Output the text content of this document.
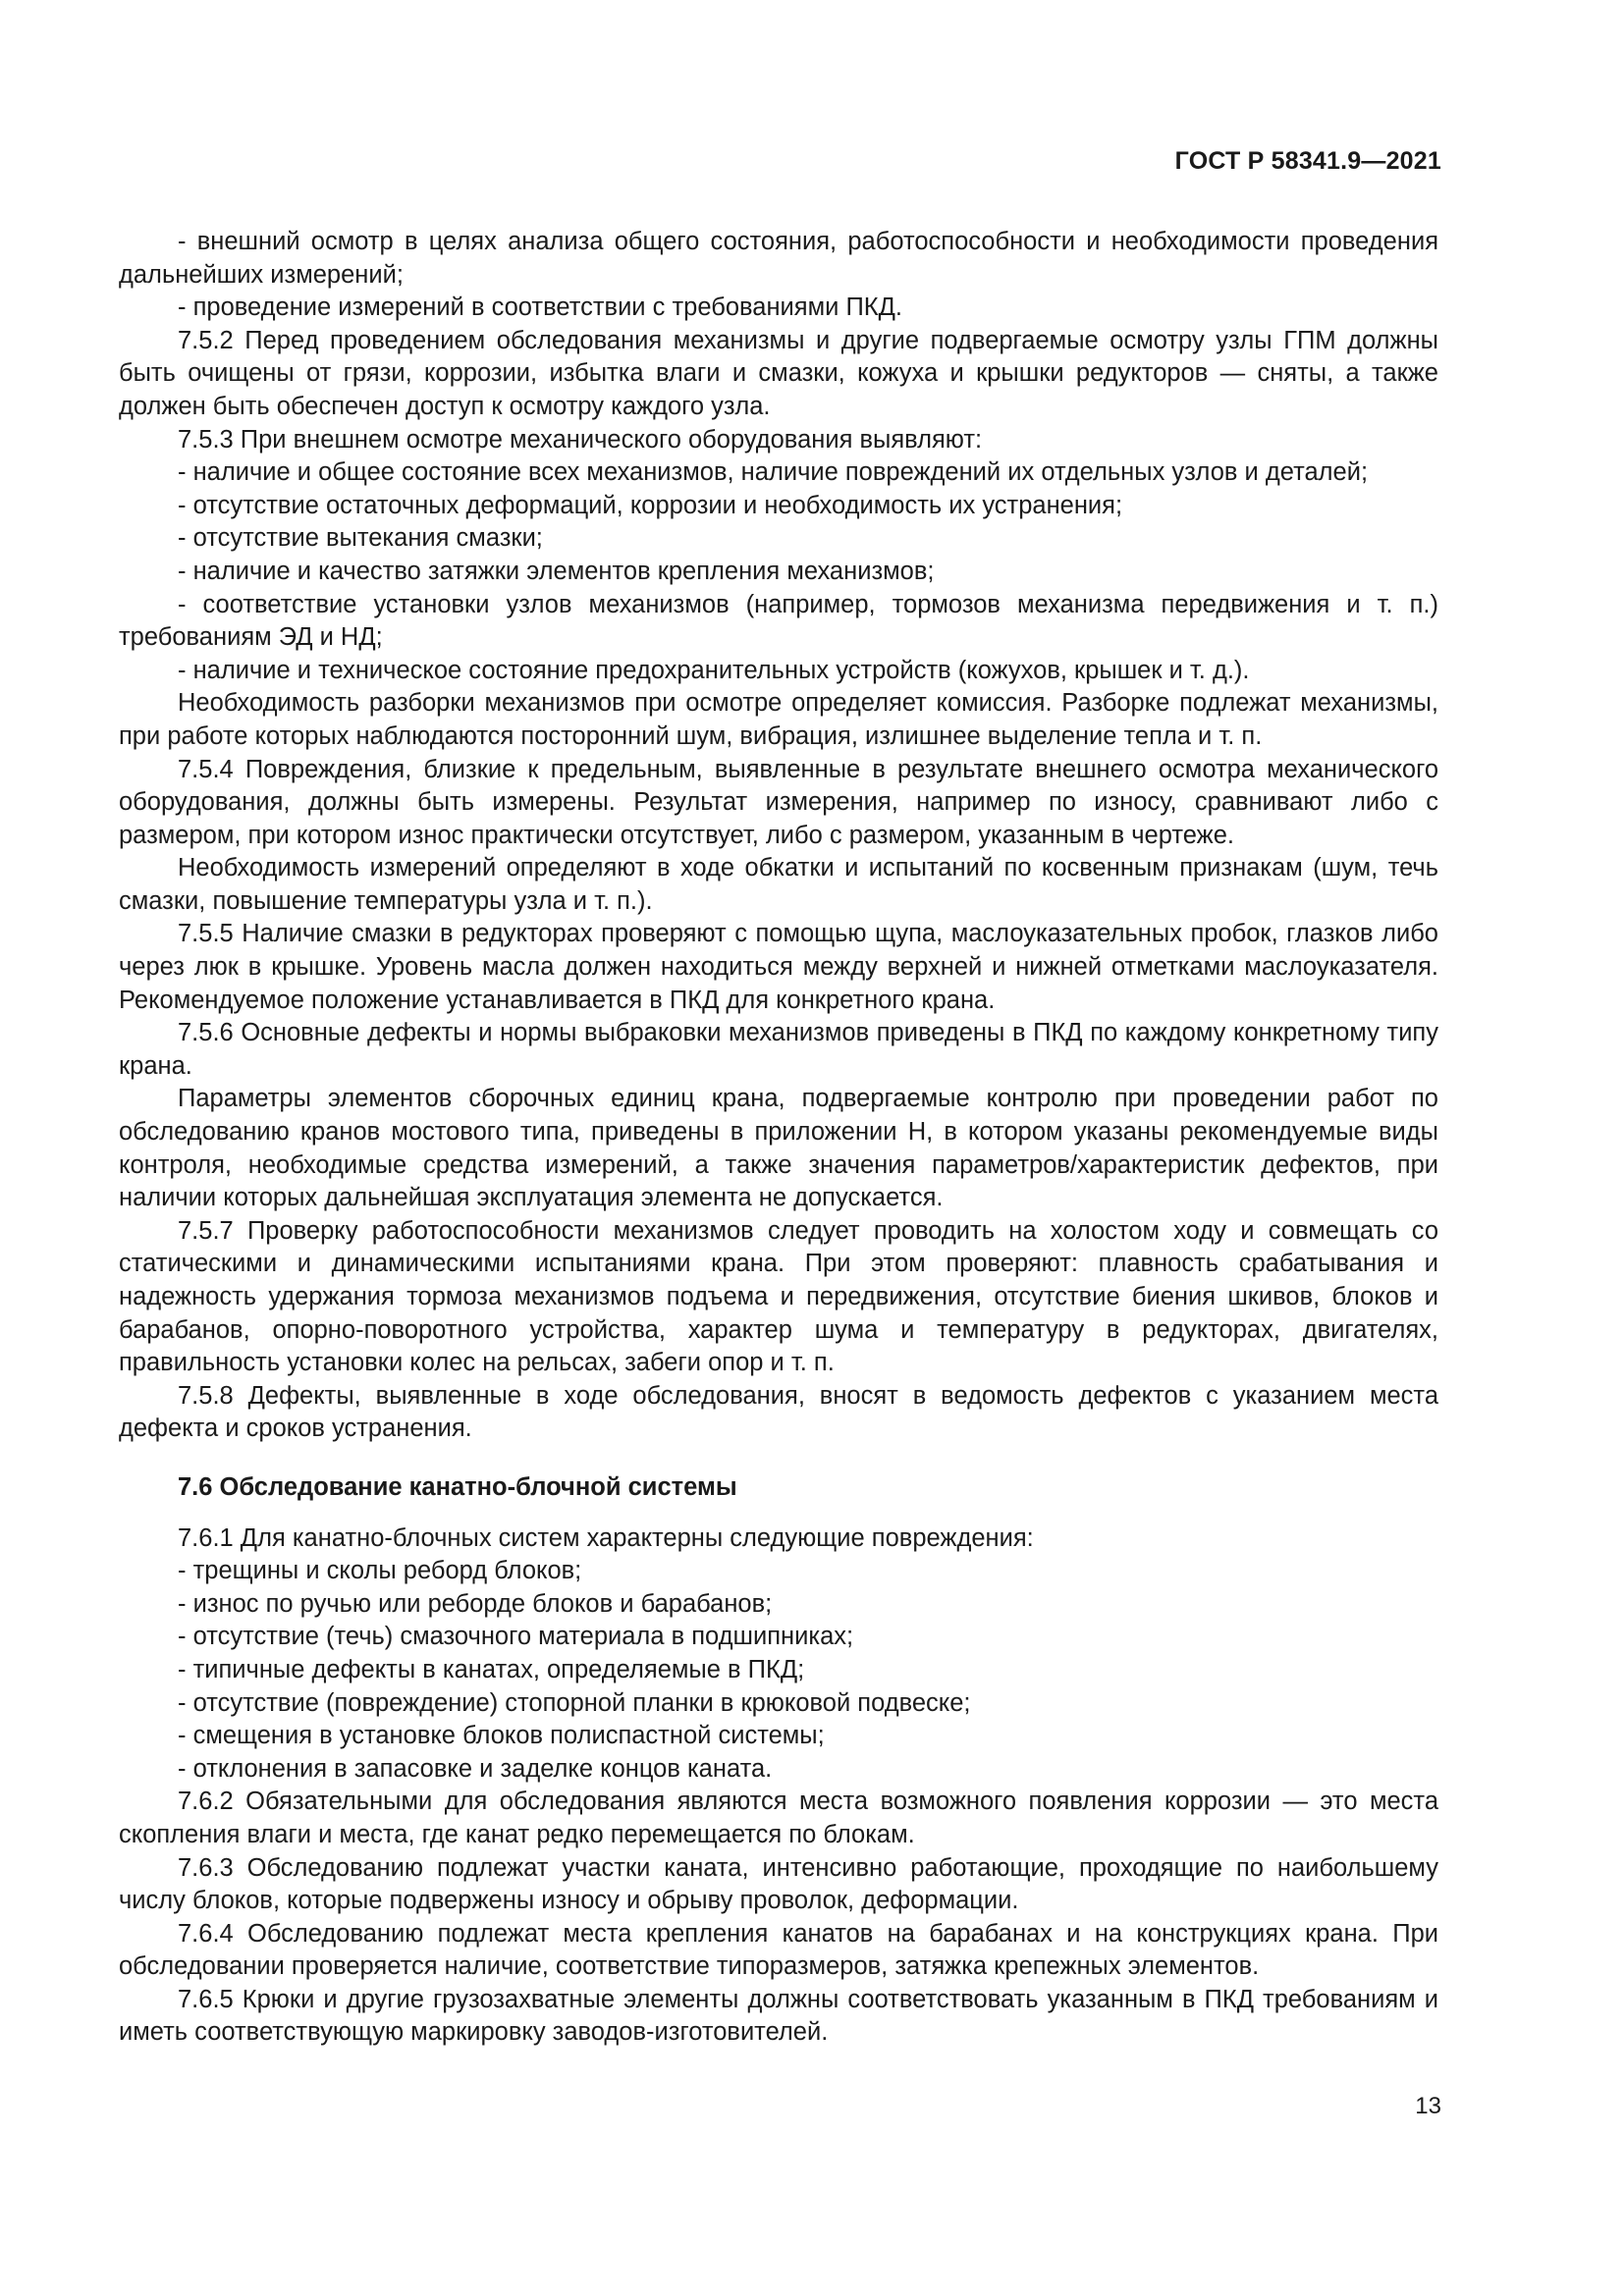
ГОСТ Р 58341.9—2021

- внешний осмотр в целях анализа общего состояния, работоспособности и необходимости проведения дальнейших измерений;

- проведение измерений в соответствии с требованиями ПКД.

7.5.2 Перед проведением обследования механизмы и другие подвергаемые осмотру узлы ГПМ должны быть очищены от грязи, коррозии, избытка влаги и смазки, кожуха и крышки редукторов — сняты, а также должен быть обеспечен доступ к осмотру каждого узла.

7.5.3 При внешнем осмотре механического оборудования выявляют:

- наличие и общее состояние всех механизмов, наличие повреждений их отдельных узлов и деталей;

- отсутствие остаточных деформаций, коррозии и необходимость их устранения;

- отсутствие вытекания смазки;

- наличие и качество затяжки элементов крепления механизмов;

- соответствие установки узлов механизмов (например, тормозов механизма передвижения и т. п.) требованиям ЭД и НД;

- наличие и техническое состояние предохранительных устройств (кожухов, крышек и т. д.).

Необходимость разборки механизмов при осмотре определяет комиссия. Разборке подлежат механизмы, при работе которых наблюдаются посторонний шум, вибрация, излишнее выделение тепла и т. п.

7.5.4 Повреждения, близкие к предельным, выявленные в результате внешнего осмотра механического оборудования, должны быть измерены. Результат измерения, например по износу, сравнивают либо с размером, при котором износ практически отсутствует, либо с размером, указанным в чертеже.

Необходимость измерений определяют в ходе обкатки и испытаний по косвенным признакам (шум, течь смазки, повышение температуры узла и т. п.).

7.5.5 Наличие смазки в редукторах проверяют с помощью щупа, маслоуказательных пробок, глазков либо через люк в крышке. Уровень масла должен находиться между верхней и нижней отметками маслоуказателя. Рекомендуемое положение устанавливается в ПКД для конкретного крана.

7.5.6 Основные дефекты и нормы выбраковки механизмов приведены в ПКД по каждому конкретному типу крана.

Параметры элементов сборочных единиц крана, подвергаемые контролю при проведении работ по обследованию кранов мостового типа, приведены в приложении Н, в котором указаны рекомендуемые виды контроля, необходимые средства измерений, а также значения параметров/характеристик дефектов, при наличии которых дальнейшая эксплуатация элемента не допускается.

7.5.7 Проверку работоспособности механизмов следует проводить на холостом ходу и совмещать со статическими и динамическими испытаниями крана. При этом проверяют: плавность срабатывания и надежность удержания тормоза механизмов подъема и передвижения, отсутствие биения шкивов, блоков и барабанов, опорно-поворотного устройства, характер шума и температуру в редукторах, двигателях, правильность установки колес на рельсах, забеги опор и т. п.

7.5.8 Дефекты, выявленные в ходе обследования, вносят в ведомость дефектов с указанием места дефекта и сроков устранения.

7.6 Обследование канатно-блочной системы

7.6.1 Для канатно-блочных систем характерны следующие повреждения:

- трещины и сколы реборд блоков;

- износ по ручью или реборде блоков и барабанов;

- отсутствие (течь) смазочного материала в подшипниках;

- типичные дефекты в канатах, определяемые в ПКД;

- отсутствие (повреждение) стопорной планки в крюковой подвеске;

- смещения в установке блоков полиспастной системы;

- отклонения в запасовке и заделке концов каната.

7.6.2 Обязательными для обследования являются места возможного появления коррозии — это места скопления влаги и места, где канат редко перемещается по блокам.

7.6.3 Обследованию подлежат участки каната, интенсивно работающие, проходящие по наибольшему числу блоков, которые подвержены износу и обрыву проволок, деформации.

7.6.4 Обследованию подлежат места крепления канатов на барабанах и на конструкциях крана. При обследовании проверяется наличие, соответствие типоразмеров, затяжка крепежных элементов.

7.6.5 Крюки и другие грузозахватные элементы должны соответствовать указанным в ПКД требованиям и иметь соответствующую маркировку заводов-изготовителей.

13
